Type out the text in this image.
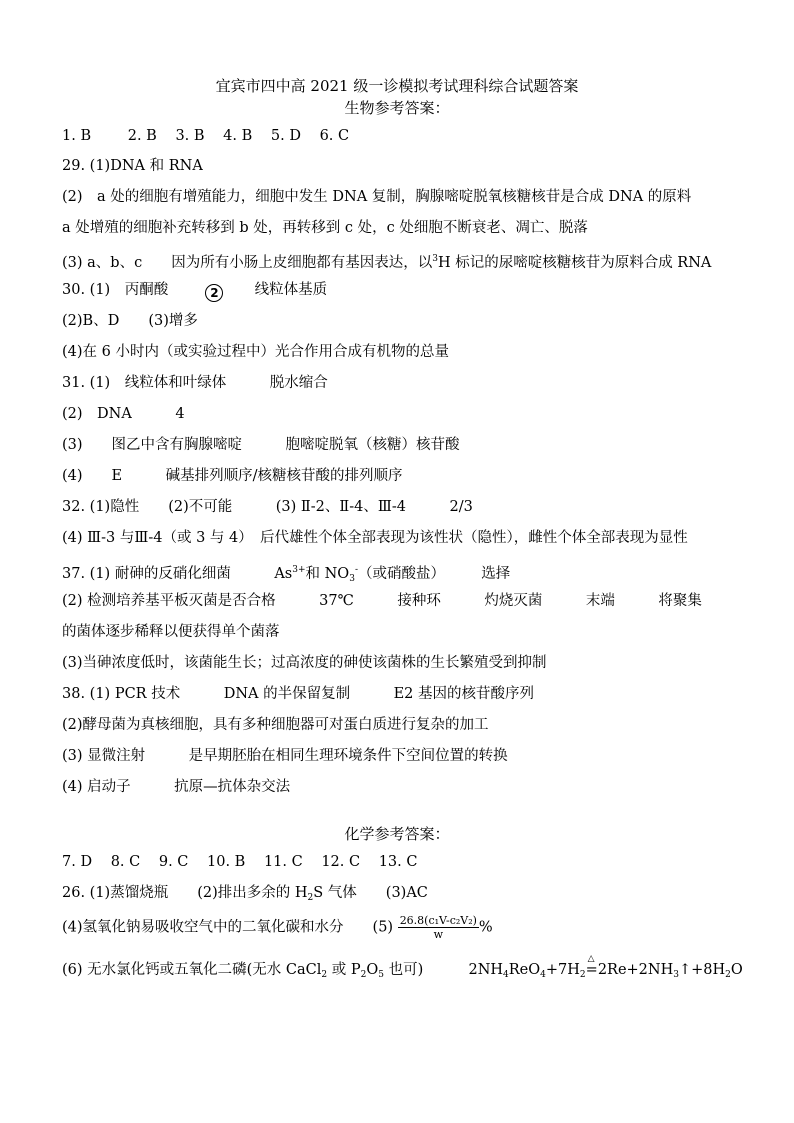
宜宾市四中高 2021 级一诊模拟考试理科综合试题答案
生物参考答案：
1. B	2. B 3. B 4. B 5. D 6. C
29. (1)DNA 和 RNA
(2)　a 处的细胞有增殖能力，细胞中发生 DNA 复制，胸腺嘧啶脱氧核糖核苷是合成 DNA 的原料
a 处增殖的细胞补充转移到 b 处，再转移到 c 处，c 处细胞不断衰老、凋亡、脱落
(3) a、b、c　　因为所有小肠上皮细胞都有基因表达，以$^3$H 标记的尿嘧啶核糖核苷为原料合成 RNA
30. (1)　丙酮酸	2 线粒体基质
(2)B、D　　(3)增多
(4)在 6 小时内（或实验过程中）光合作用合成有机物的总量
31. (1)　线粒体和叶绿体　　　脱水缩合
(2)　DNA　　　4
(3)　　图乙中含有胸腺嘧啶　　　胞嘧啶脱氧（核糖）核苷酸
(4)　　E　　　碱基排列顺序/核糖核苷酸的排列顺序
32. (1)隐性　　(2)不可能　　　(3) Ⅱ-2、Ⅱ-4、Ⅲ-4　　　2/3
(4) Ⅲ-3 与Ⅲ-4（或 3 与 4）　后代雄性个体全部表现为该性状（隐性），雌性个体全部表现为显性
37. (1) 耐砷的反硝化细菌　　　$As^{3+}$和 $NO_3^-$（或硝酸盐）　　　选择
(2) 检测培养基平板灭菌是否合格　　　37℃　　　接种环　　　灼烧灭菌　　　末端　　　将聚集
的菌体逐步稀释以便获得单个菌落
(3)当砷浓度低时，该菌能生长；过高浓度的砷使该菌株的生长繁殖受到抑制
38. (1) PCR 技术　　　DNA 的半保留复制　　　E2 基因的核苷酸序列
(2)酵母菌为真核细胞，具有多种细胞器可对蛋白质进行复杂的加工
(3) 显微注射　　　是早期胚胎在相同生理环境条件下空间位置的转换
(4) 启动子　　　抗原—抗体杂交法
化学参考答案：
7. D 8. C 9. C 10. B 11. C 12. C 13. C
26. (1)蒸馏烧瓶　　(2)排出多余的 $H_2S$ 气体　　(3)AC
(4)氢氧化钠易吸收空气中的二氧化碳和水分　　$(5) \frac{\text{26.8(c₁V-c₂V₂)}}{w}$ %
(6) 无水氯化钙或五氧化二磷(无水 CaCl$_2$ 或 $P_2O_5$ 也可)	$2NH_4ReO_4+7H_2$
△
$=2Re+2NH_3↑+8H_2O$
